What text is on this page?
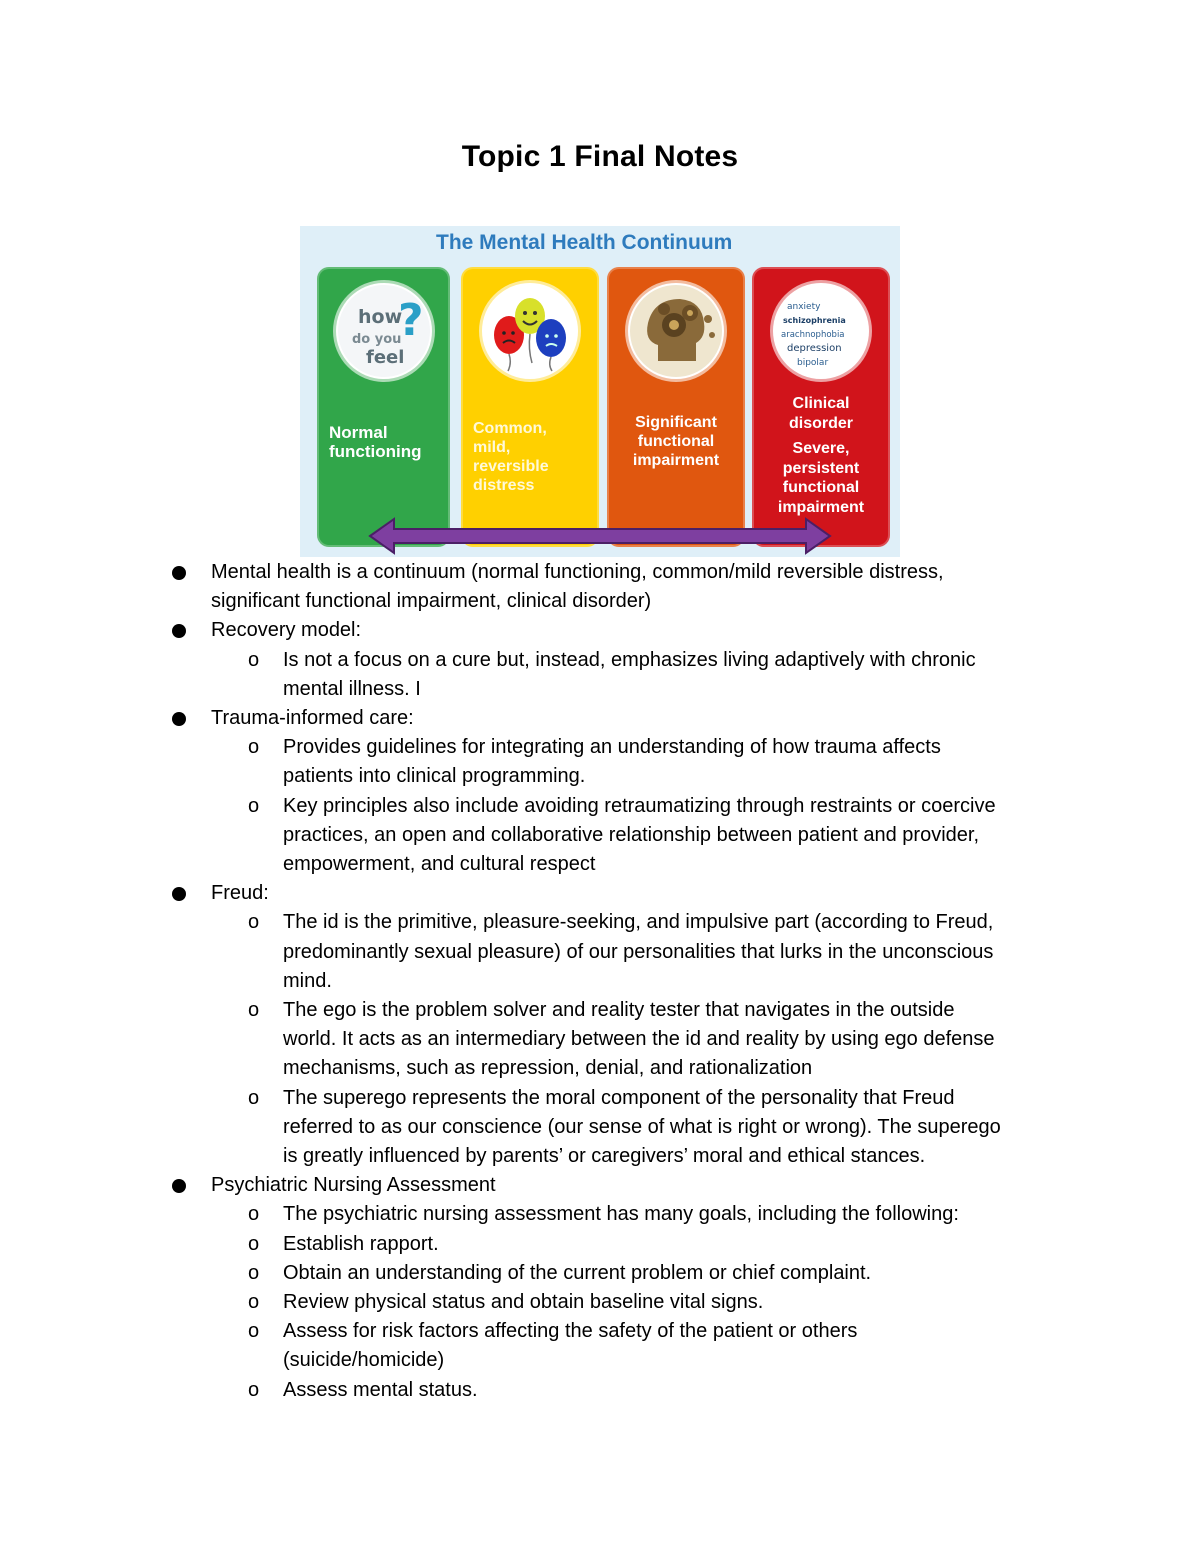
Topic 1 Final Notes
The Mental Health Continuum
how
do you
feel
?
Normal
functioning
Common,
mild,
reversible
distress
Significant
functional
impairment
anxiety
schizophrenia
arachnophobia
depression
bipolar
Clinical
disorder
Severe,
persistent
functional
impairment
Mental health is a continuum (normal functioning, common/mild reversible distress,
significant functional impairment, clinical disorder)
Recovery model:
o Is not a focus on a cure but, instead, emphasizes living adaptively with chronic
mental illness. I
Trauma-informed care:
o Provides guidelines for integrating an understanding of how trauma affects
patients into clinical programming.
o Key principles also include avoiding retraumatizing through restraints or coercive
practices, an open and collaborative relationship between patient and provider,
empowerment, and cultural respect
Freud:
o The id is the primitive, pleasure-seeking, and impulsive part (according to Freud,
predominantly sexual pleasure) of our personalities that lurks in the unconscious
mind.
o The ego is the problem solver and reality tester that navigates in the outside
world. It acts as an intermediary between the id and reality by using ego defense
mechanisms, such as repression, denial, and rationalization
o The superego represents the moral component of the personality that Freud
referred to as our conscience (our sense of what is right or wrong). The superego
is greatly influenced by parents’ or caregivers’ moral and ethical stances.
Psychiatric Nursing Assessment
o The psychiatric nursing assessment has many goals, including the following:
o Establish rapport.
o Obtain an understanding of the current problem or chief complaint.
o Review physical status and obtain baseline vital signs.
o Assess for risk factors affecting the safety of the patient or others
(suicide/homicide)
o Assess mental status.
